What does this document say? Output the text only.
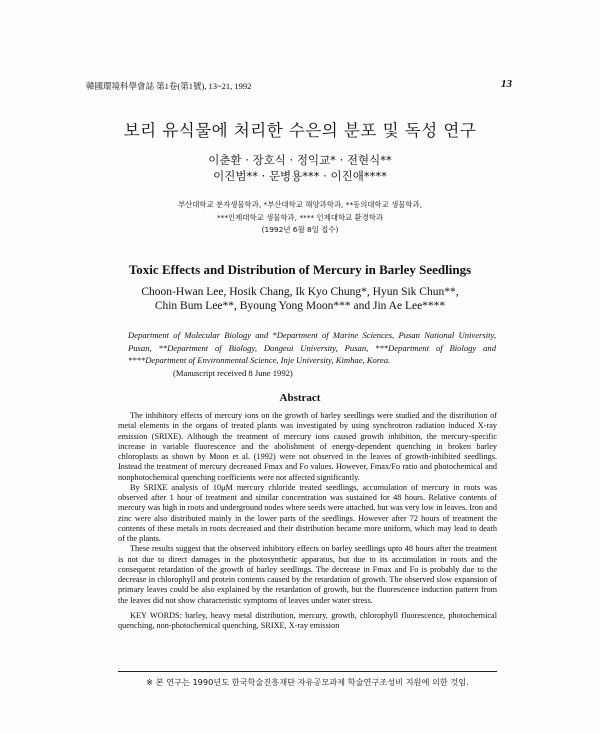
韓國環境科學會誌 第1卷(第1號), 13~21, 1992	13
보리 유식물에 처리한 수은의 분포 및 독성 연구
이춘환 · 장호식 · 정익교* · 전현식**
이진범** · 문병용*** · 이진애****
부산대학교 분자생물학과, *부산대학교 해양과학과, **동의대학교 생물학과,
***인제대학교 생물학과, **** 인제대학교 환경학과
(1992년 6월 8일 접수)
Toxic Effects and Distribution of Mercury in Barley Seedlings
Choon-Hwan Lee, Hosik Chang, Ik Kyo Chung*, Hyun Sik Chun**,
Chin Bum Lee**, Byoung Yong Moon*** and Jin Ae Lee****
Department of Molecular Biology and *Department of Marine Sciences, Pusan National University,
Pusan, **Department of Biology, Dongeui University, Pusan, ***Department of Biology and
****Department of Environmental Science, Inje University, Kimhae, Korea.
(Manuscript received 8 June 1992)
Abstract

The inhibitory effects of mercury ions on the growth of barley seedlings were studied and the distribution of metal elements in the organs of treated plants was investigated by using synchrotron radiation induced X-ray emission (SRIXE). Although the treatment of mercury ions caused growth inhibition, the mercury-specific increase in variable fluorescence and the abolishment of energy-dependent quenching in broken barley chloroplasts as shown by Moon et al. (1992) were not observed in the leaves of growth-inhibited seedlings. Instead the treatment of mercury decreased Fmax and Fo values. However, Fmax/Fo ratio and photochemical and nonphotochemical quenching coefficients were not affected significantly.

By SRIXE analysis of 10μM mercury chloride treated seedlings, accumulation of mercury in roots was observed after 1 hour of treatment and similar concentration was sustained for 48 hours. Relative contents of mercury was high in roots and underground nodes where seeds were attached, but was very low in leaves. Iron and zinc were also distributed mainly in the lower parts of the seedlings. However after 72 hours of treatment the contents of these metals in roots decreased and their distribution became more uniform, which may lead to death of the plants.

These results suggest that the observed inhibitory effects on barley seedlings upto 48 hours after the treatment is not due to direct damages in the photosynthetic apparatus, but due to its accumulation in roots and the consequent retardation of the growth of barley seedlings. The decrease in Fmax and Fo is probably due to the decrease in chlorophyll and protein contents caused by the retardation of growth. The observed slow expansion of primary leaves could be also explained by the retardation of growth, but the fluorescence induction pattern from the leaves did not show characteristic symptoms of leaves under water stress.

KEY WORDS: barley, heavy metal distribution, mercury, growth, chlorophyll fluorescence, photochemical quenching, non-photochemical quenching, SRIXE, X-ray emission

※ 본 연구는 1990년도 한국학술진흥재단 자유공모과제 학술연구조성비 지원에 의한 것임.
